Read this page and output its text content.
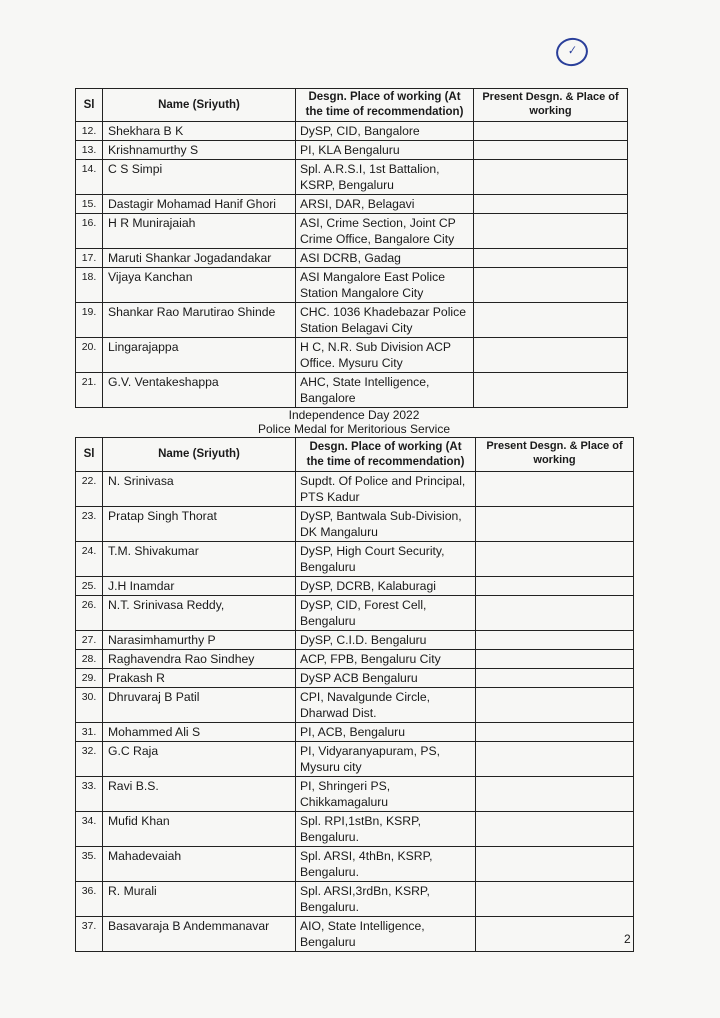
✓
Sl	Name (Sriyuth)	Desgn. Place of working (At the time of recommendation)	Present Desgn. & Place of working
12.	Shekhara B K	DySP, CID, Bangalore	
13.	Krishnamurthy S	PI, KLA Bengaluru	
14.	C S Simpi	Spl. A.R.S.I, 1st Battalion, KSRP, Bengaluru	
15.	Dastagir Mohamad Hanif Ghori	ARSI, DAR, Belagavi	
16.	H R Munirajaiah	ASI, Crime Section, Joint CP Crime Office, Bangalore City	
17.	Maruti Shankar Jogadandakar	ASI DCRB, Gadag	
18.	Vijaya Kanchan	ASI Mangalore East Police Station Mangalore City	
19.	Shankar Rao Marutirao Shinde	CHC. 1036 Khadebazar Police Station Belagavi City	
20.	Lingarajappa	H C, N.R. Sub Division ACP Office. Mysuru City	
21.	G.V. Ventakeshappa	AHC, State Intelligence, Bangalore	
Independence Day 2022
Police Medal for Meritorious Service
Sl	Name (Sriyuth)	Desgn. Place of working (At the time of recommendation)	Present Desgn. & Place of working
22.	N. Srinivasa	Supdt. Of Police and Principal, PTS Kadur	
23.	Pratap Singh Thorat	DySP, Bantwala Sub-Division, DK Mangaluru	
24.	T.M. Shivakumar	DySP, High Court Security, Bengaluru	
25.	J.H Inamdar	DySP, DCRB, Kalaburagi	
26.	N.T. Srinivasa Reddy,	DySP, CID, Forest Cell, Bengaluru	
27.	Narasimhamurthy P	DySP, C.I.D. Bengaluru	
28.	Raghavendra Rao Sindhey	ACP, FPB, Bengaluru City	
29.	Prakash R	DySP ACB Bengaluru	
30.	Dhruvaraj B Patil	CPI, Navalgunde Circle, Dharwad Dist.	
31.	Mohammed Ali S	PI, ACB, Bengaluru	
32.	G.C Raja	PI, Vidyaranyapuram, PS, Mysuru city	
33.	Ravi B.S.	PI, Shringeri PS, Chikkamagaluru	
34.	Mufid Khan	Spl. RPI,1stBn, KSRP, Bengaluru.	
35.	Mahadevaiah	Spl. ARSI, 4thBn, KSRP, Bengaluru.	
36.	R. Murali	Spl. ARSI,3rdBn, KSRP, Bengaluru.	
37.	Basavaraja B Andemmanavar	AIO, State Intelligence, Bengaluru		2
